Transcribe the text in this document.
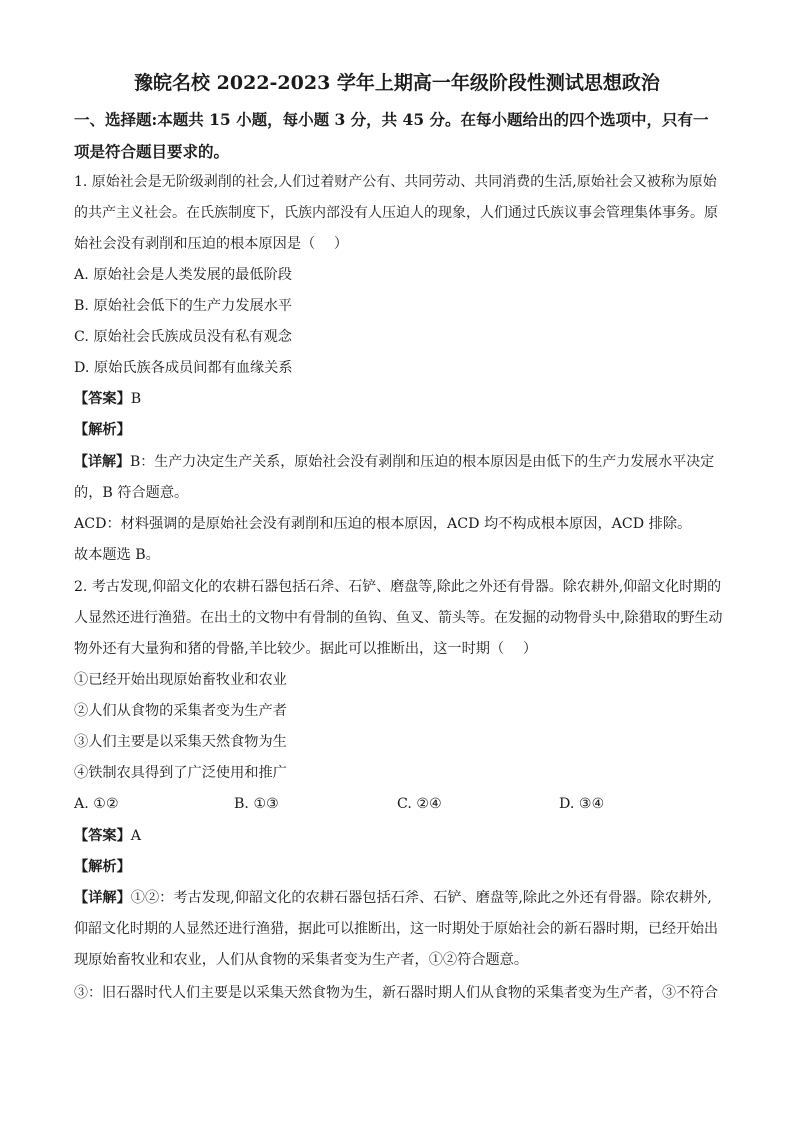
豫皖名校 2022-2023 学年上期高一年级阶段性测试思想政治
一、选择题:本题共 15 小题，每小题 3 分，共 45 分。在每小题给出的四个选项中，只有一项是符合题目要求的。
1. 原始社会是无阶级剥削的社会,人们过着财产公有、共同劳动、共同消费的生活,原始社会又被称为原始
的共产主义社会。在氏族制度下，氏族内部没有人压迫人的现象，人们通过氏族议事会管理集体事务。原
始社会没有剥削和压迫的根本原因是（　 ）
A. 原始社会是人类发展的最低阶段
B. 原始社会低下的生产力发展水平
C. 原始社会氏族成员没有私有观念
D. 原始氏族各成员间都有血缘关系
【答案】B
【解析】
【详解】B：生产力决定生产关系，原始社会没有剥削和压迫的根本原因是由低下的生产力发展水平决定
的，B 符合题意。
ACD：材料强调的是原始社会没有剥削和压迫的根本原因，ACD 均不构成根本原因，ACD 排除。
故本题选 B。
2. 考古发现,仰韶文化的农耕石器包括石斧、石铲、磨盘等,除此之外还有骨器。除农耕外,仰韶文化时期的
人显然还进行渔猎。在出土的文物中有骨制的鱼钩、鱼叉、箭头等。在发掘的动物骨头中,除猎取的野生动
物外还有大量狗和猪的骨骼,羊比较少。据此可以推断出，这一时期（　 ）
①已经开始出现原始畜牧业和农业
②人们从食物的采集者变为生产者
③人们主要是以采集天然食物为生
④铁制农具得到了广泛使用和推广
A. ①②	B. ①③	C. ②④	D. ③④
【答案】A
【解析】
【详解】①②：考古发现,仰韶文化的农耕石器包括石斧、石铲、磨盘等,除此之外还有骨器。除农耕外,
仰韶文化时期的人显然还进行渔猎，据此可以推断出，这一时期处于原始社会的新石器时期，已经开始出
现原始畜牧业和农业，人们从食物的采集者变为生产者，①②符合题意。
③：旧石器时代人们主要是以采集天然食物为生，新石器时期人们从食物的采集者变为生产者，③不符合
